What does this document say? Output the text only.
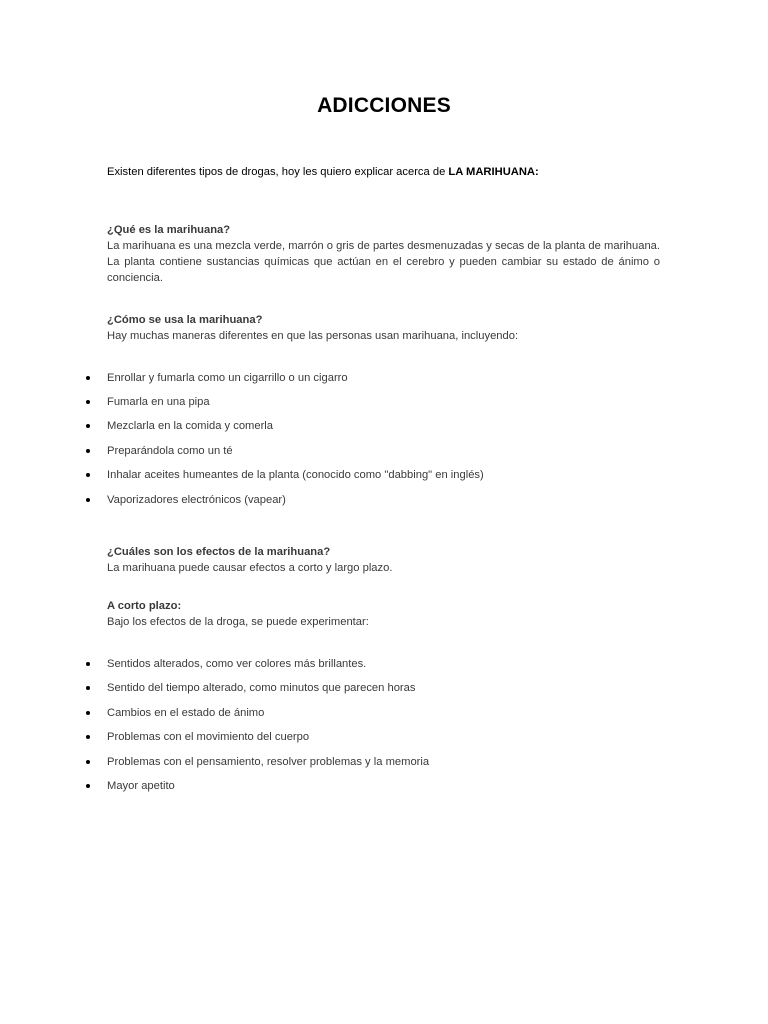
ADICCIONES
Existen diferentes tipos de drogas, hoy les quiero explicar acerca de LA MARIHUANA:
¿Qué es la marihuana?
La marihuana es una mezcla verde, marrón o gris de partes desmenuzadas y secas de la planta de marihuana. La planta contiene sustancias químicas que actúan en el cerebro y pueden cambiar su estado de ánimo o conciencia.
¿Cómo se usa la marihuana?
Hay muchas maneras diferentes en que las personas usan marihuana, incluyendo:
Enrollar y fumarla como un cigarrillo o un cigarro
Fumarla en una pipa
Mezclarla en la comida y comerla
Preparándola como un té
Inhalar aceites humeantes de la planta (conocido como "dabbing" en inglés)
Vaporizadores electrónicos (vapear)
¿Cuáles son los efectos de la marihuana?
La marihuana puede causar efectos a corto y largo plazo.
A corto plazo:
Bajo los efectos de la droga, se puede experimentar:
Sentidos alterados, como ver colores más brillantes.
Sentido del tiempo alterado, como minutos que parecen horas
Cambios en el estado de ánimo
Problemas con el movimiento del cuerpo
Problemas con el pensamiento, resolver problemas y la memoria
Mayor apetito
